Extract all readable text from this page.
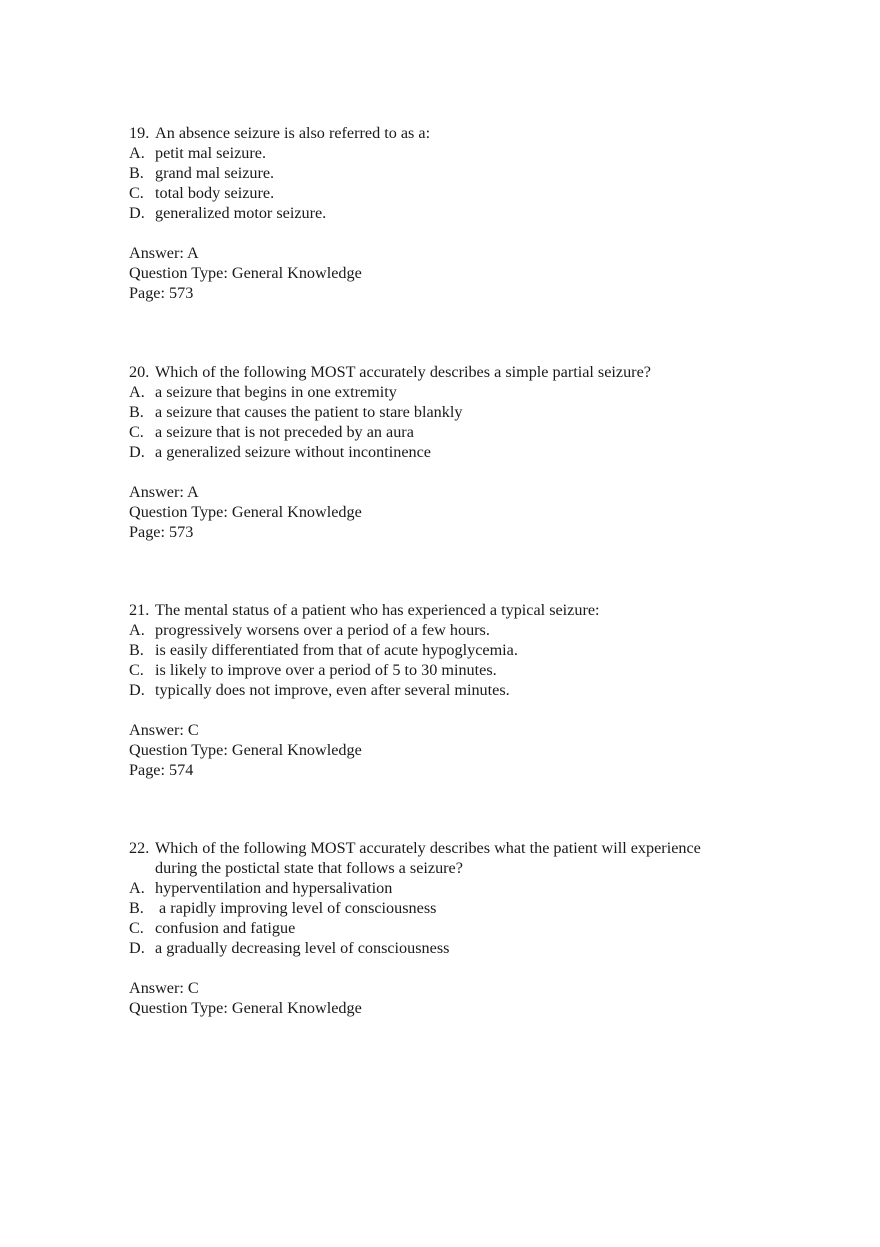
19. An absence seizure is also referred to as a:
A. petit mal seizure.
B. grand mal seizure.
C. total body seizure.
D. generalized motor seizure.
Answer: A
Question Type: General Knowledge
Page: 573
20. Which of the following MOST accurately describes a simple partial seizure?
A. a seizure that begins in one extremity
B. a seizure that causes the patient to stare blankly
C. a seizure that is not preceded by an aura
D. a generalized seizure without incontinence
Answer: A
Question Type: General Knowledge
Page: 573
21. The mental status of a patient who has experienced a typical seizure:
A. progressively worsens over a period of a few hours.
B. is easily differentiated from that of acute hypoglycemia.
C. is likely to improve over a period of 5 to 30 minutes.
D. typically does not improve, even after several minutes.
Answer: C
Question Type: General Knowledge
Page: 574
22. Which of the following MOST accurately describes what the patient will experience
during the postictal state that follows a seizure?
A. hyperventilation and hypersalivation
B. a rapidly improving level of consciousness
C. confusion and fatigue
D. a gradually decreasing level of consciousness
Answer: C
Question Type: General Knowledge
